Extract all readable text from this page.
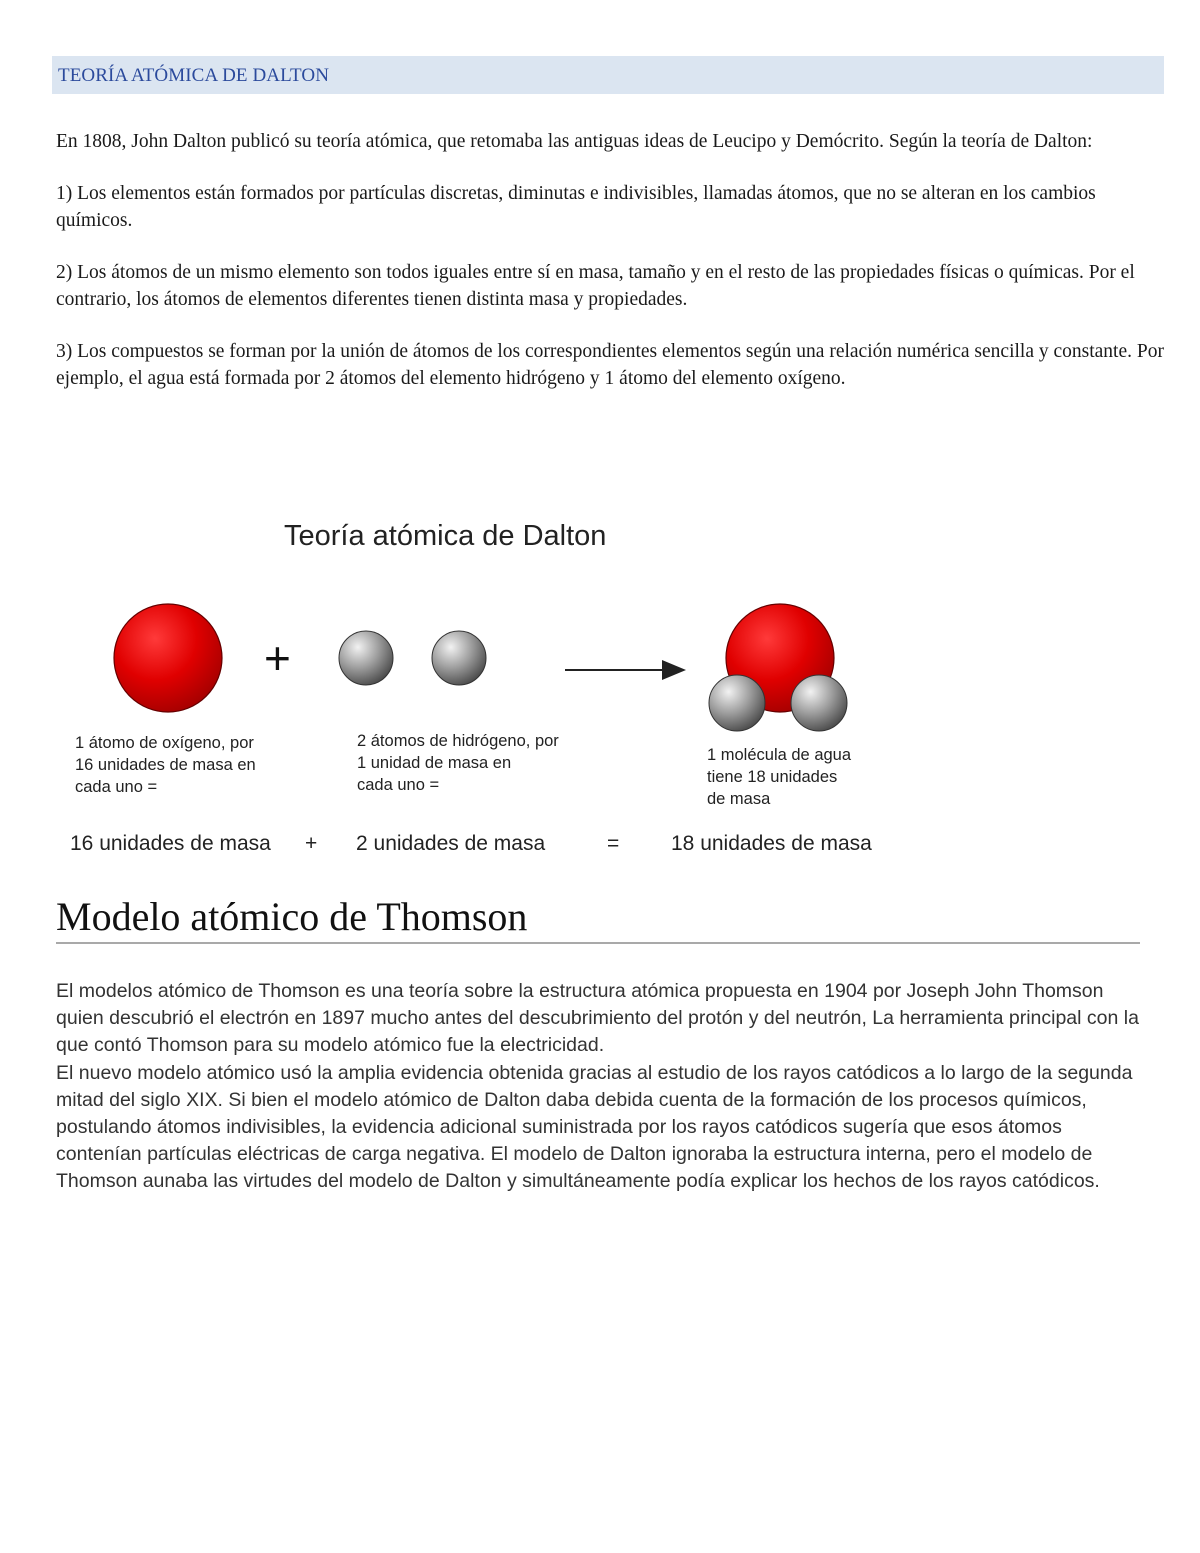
TEORÍA ATÓMICA DE DALTON

En 1808, John Dalton publicó su teoría atómica, que retomaba las antiguas ideas de Leucipo y Demócrito. Según la teoría de Dalton:

1) Los elementos están formados por partículas discretas, diminutas e indivisibles, llamadas átomos, que no se alteran en los cambios químicos.

2) Los átomos de un mismo elemento son todos iguales entre sí en masa, tamaño y en el resto de las propiedades físicas o químicas. Por el contrario, los átomos de elementos diferentes tienen distinta masa y propiedades.

3) Los compuestos se forman por la unión de átomos de los correspondientes elementos según una relación numérica sencilla y constante. Por ejemplo, el agua está formada por 2 átomos del elemento hidrógeno y 1 átomo del elemento oxígeno.

Teoría atómica de Dalton
+
1 átomo de oxígeno, por
16 unidades de masa en
cada uno =
2 átomos de hidrógeno, por
1 unidad de masa en
cada uno =
1 molécula de agua
tiene 18 unidades
de masa
16 unidades de masa + 2 unidades de masa	= 18 unidades de masa
Modelo atómico de Thomson

El modelos atómico de Thomson es una teoría sobre la estructura atómica propuesta en 1904 por Joseph John Thomson quien descubrió el electrón en 1897 mucho antes del descubrimiento del protón y del neutrón, La herramienta principal con la que contó Thomson para su modelo atómico fue la electricidad.

El nuevo modelo atómico usó la amplia evidencia obtenida gracias al estudio de los rayos catódicos a lo largo de la segunda mitad del siglo XIX. Si bien el modelo atómico de Dalton daba debida cuenta de la formación de los procesos químicos, postulando átomos indivisibles, la evidencia adicional suministrada por los rayos catódicos sugería que esos átomos contenían partículas eléctricas de carga negativa. El modelo de Dalton ignoraba la estructura interna, pero el modelo de Thomson aunaba las virtudes del modelo de Dalton y simultáneamente podía explicar los hechos de los rayos catódicos.
